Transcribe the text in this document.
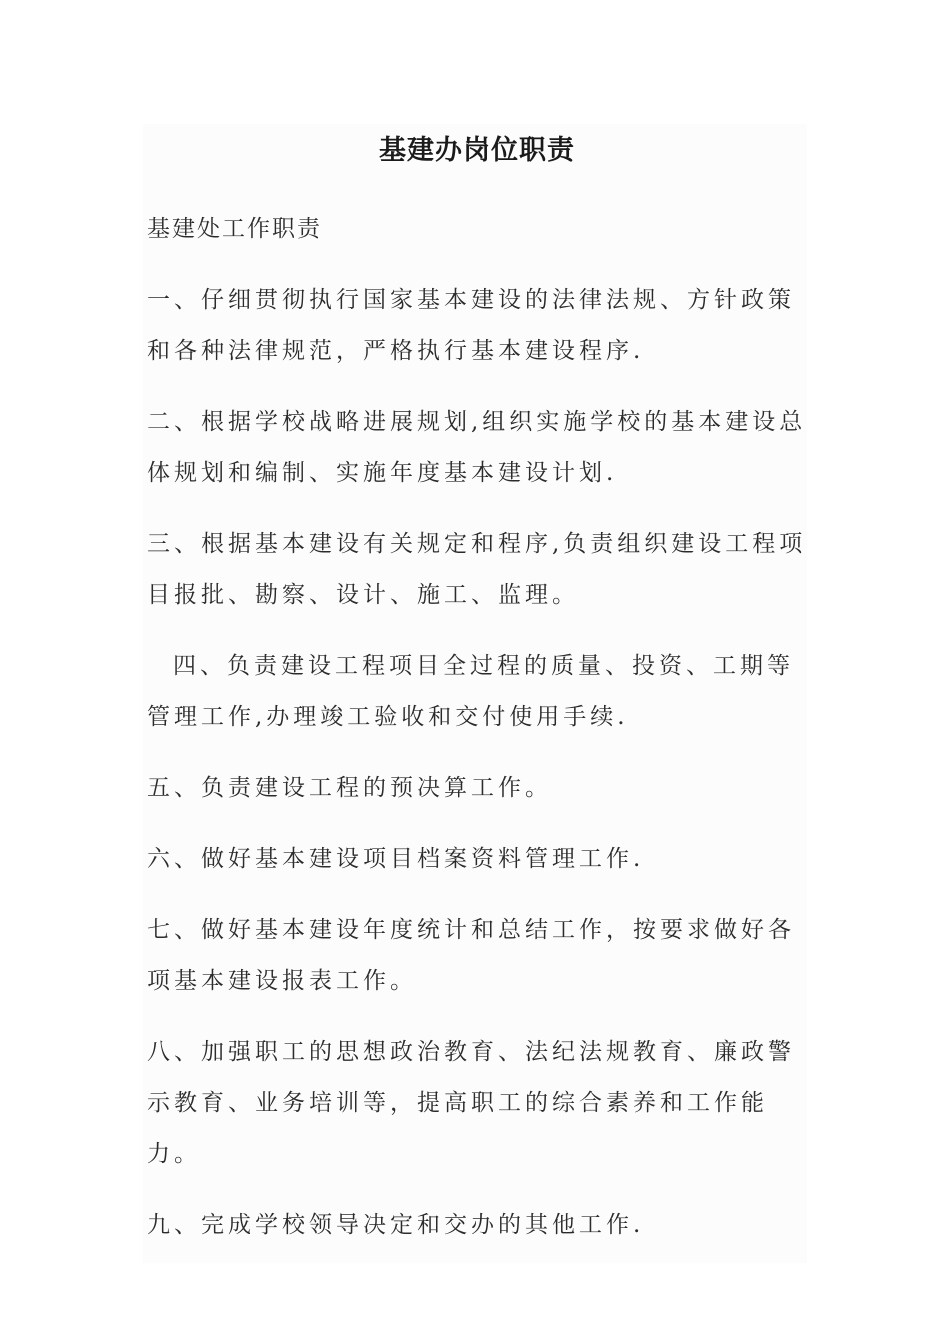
基建办岗位职责

基建处工作职责

一、仔细贯彻执行国家基本建设的法律法规、方针政策和各种法律规范，严格执行基本建设程序.

二、根据学校战略进展规划,组织实施学校的基本建设总体规划和编制、实施年度基本建设计划.

三、根据基本建设有关规定和程序,负责组织建设工程项目报批、勘察、设计、施工、监理。

四、负责建设工程项目全过程的质量、投资、工期等管理工作,办理竣工验收和交付使用手续.

五、负责建设工程的预决算工作。

六、做好基本建设项目档案资料管理工作.

七、做好基本建设年度统计和总结工作，按要求做好各项基本建设报表工作。

八、加强职工的思想政治教育、法纪法规教育、廉政警示教育、业务培训等，提高职工的综合素养和工作能力。

九、完成学校领导决定和交办的其他工作.
